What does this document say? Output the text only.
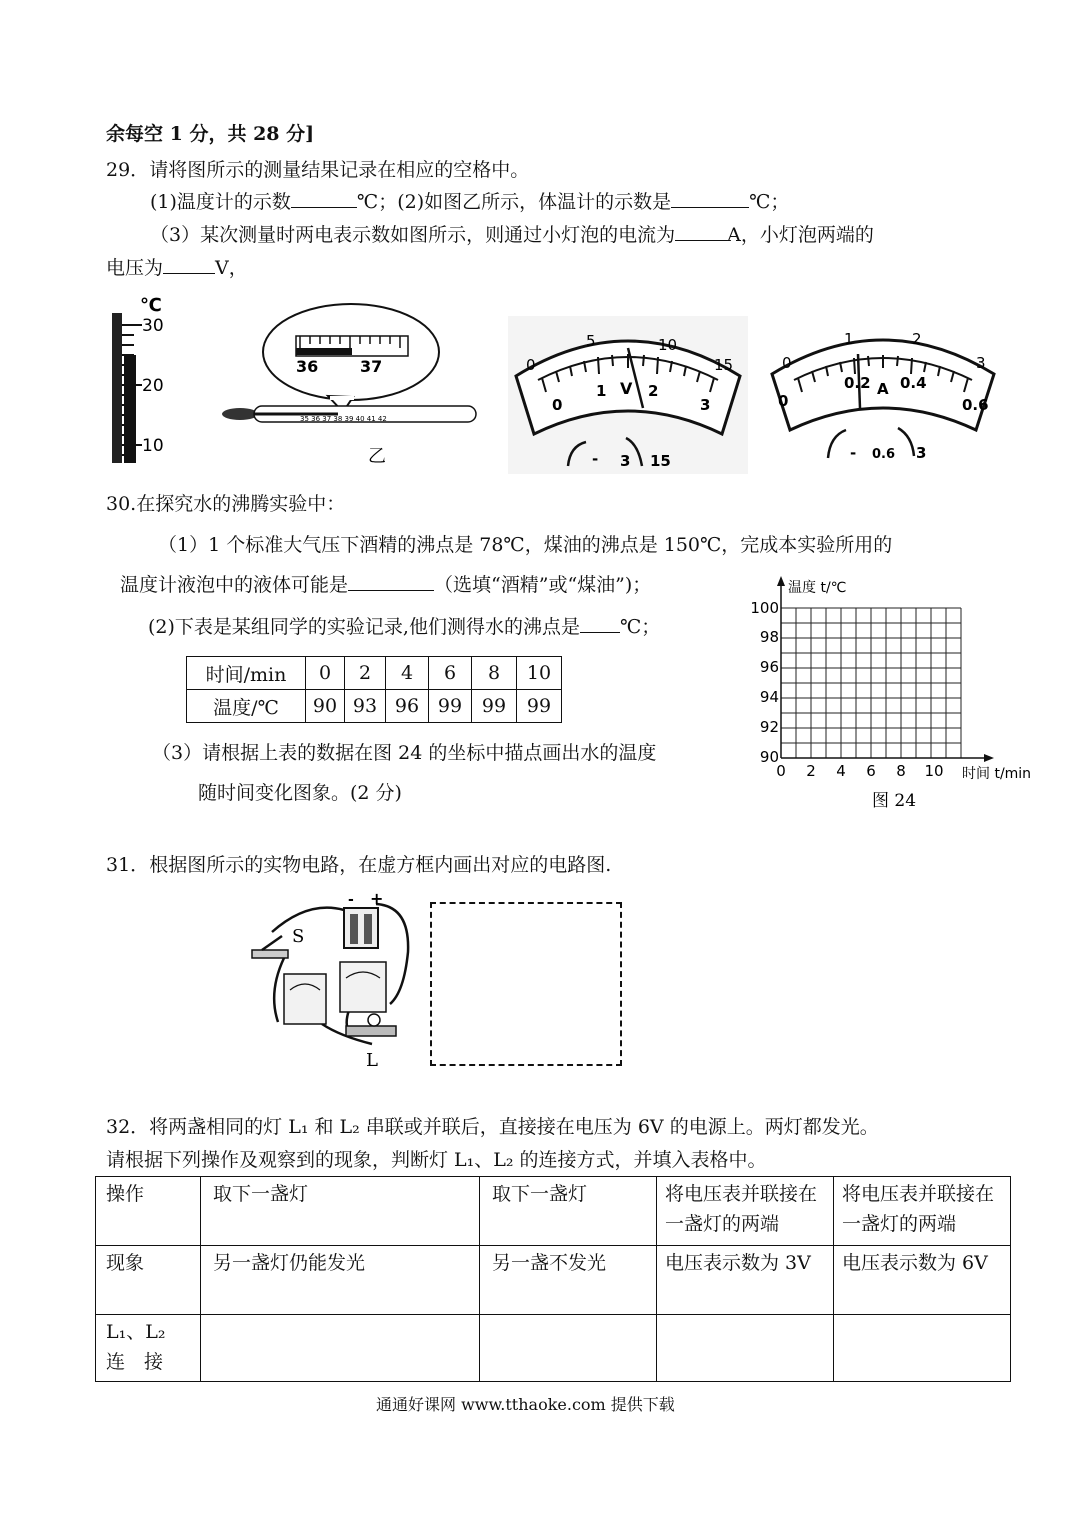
余每空 1 分，共 28 分]
29．请将图所示的测量结果记录在相应的空格中。
(1)温度计的示数	℃；(2)如图乙所示，体温计的示数是	℃；
（3）某次测量时两电表示数如图所示，则通过小灯泡的电流为	A，小灯泡两端的
电压为	V，
℃
30
20
10
36	37
35 36 37 38 39 40 41 42
乙
0
5	10
15
0
1	2
3
V
- 3 15
0
1	2
3
0
0.2 0.4
0.6
A
- 0.6 3
30.在探究水的沸腾实验中：
（1）1 个标准大气压下酒精的沸点是 78℃，煤油的沸点是 150℃，完成本实验所用的
温度计液泡中的液体可能是	（选填“酒精”或“煤油”)；
(2)下表是某组同学的实验记录,他们测得水的沸点是 ℃；
时间/min	0	2	4	6	8	10
温度/℃	90	93	96	99	99	99
（3）请根据上表的数据在图 24 的坐标中描点画出水的温度
随时间变化图象。(2 分)
温度 t/℃
时间 t/min
100
98
96
94
92
90
0 2 4 6 8 10
图 24
31．根据图所示的实物电路，在虚方框内画出对应的电路图.
- +
S
L
32．将两盏相同的灯 L₁ 和 L₂ 串联或并联后，直接接在电压为 6V 的电源上。两灯都发光。
请根据下列操作及观察到的现象，判断灯 L₁、L₂ 的连接方式，并填入表格中。
操作	取下一盏灯	取下一盏灯	将电压表并联接在一盏灯的两端	将电压表并联接在一盏灯的两端
现象	另一盏灯仍能发光	另一盏不发光	电压表示数为 3V	电压表示数为 6V
L₁、L₂ 连　接				
通通好课网 www.tthaoke.com 提供下载
